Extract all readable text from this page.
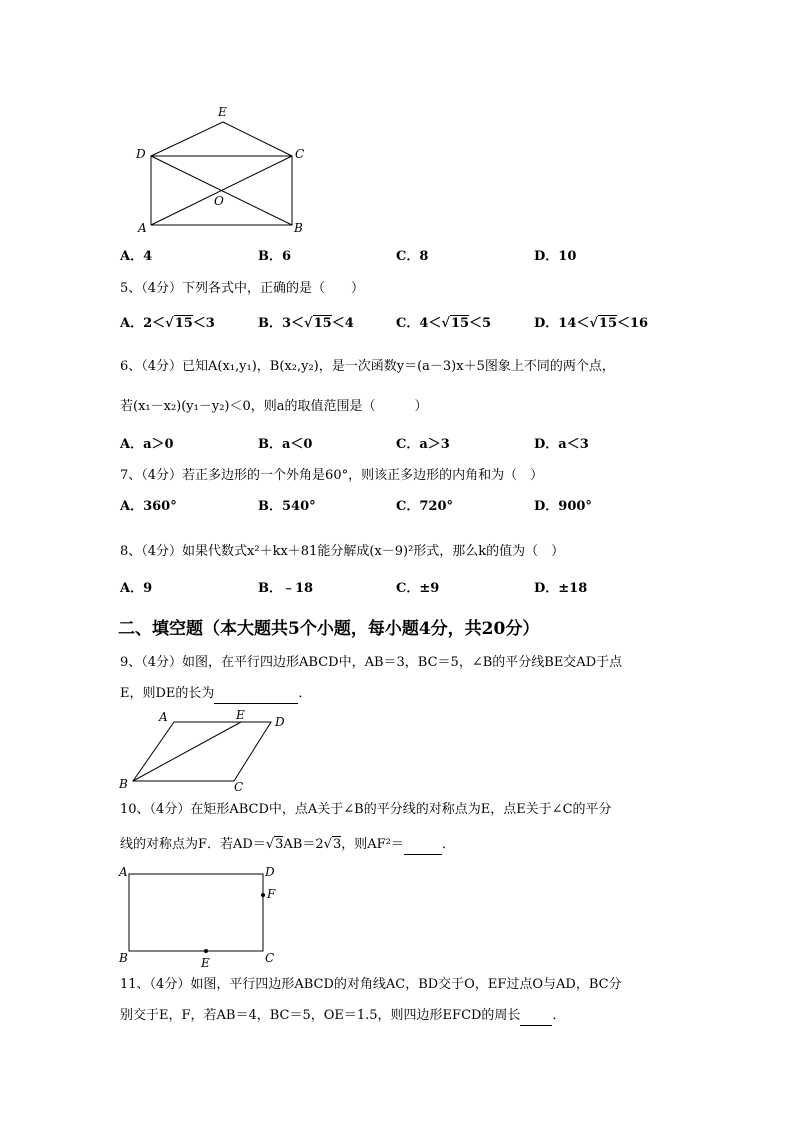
E
D	C
O
A	B
A．4	B．6	C．8	D．10
5、（4分）下列各式中，正确的是（　　）
A．2＜√15＜3	B．3＜√15＜4	C．4＜√15＜5	D．14＜√15＜16
6、（4分）已知A(x₁,y₁)，B(x₂,y₂)，是一次函数y＝(a－3)x＋5图象上不同的两个点，
若(x₁－x₂)(y₁－y₂)＜0，则a的取值范围是（　　　）
A．a＞0	B．a＜0	C．a＞3	D．a＜3
7、（4分）若正多边形的一个外角是60°，则该正多边形的内角和为（　）
A．360°	B．540°	C．720°	D．900°
8、（4分）如果代数式x²＋kx＋81能分解成(x－9)²形式，那么k的值为（　）
A．9	B．﹣18	C．±9	D．±18
二、填空题（本大题共5个小题，每小题4分，共20分）
9、（4分）如图，在平行四边形ABCD中，AB＝3，BC＝5，∠B的平分线BE交AD于点
E，则DE的长为	．
A	E	D
B	C
10、（4分）在矩形ABCD中，点A关于∠B的平分线的对称点为E，点E关于∠C的平分
线的对称点为F．若AD＝√3AB＝2√3，则AF²＝	．
A	D
F
B	E	C
11、（4分）如图，平行四边形ABCD的对角线AC，BD交于O，EF过点O与AD，BC分
别交于E，F，若AB＝4，BC＝5，OE＝1.5，则四边形EFCD的周长 ．
